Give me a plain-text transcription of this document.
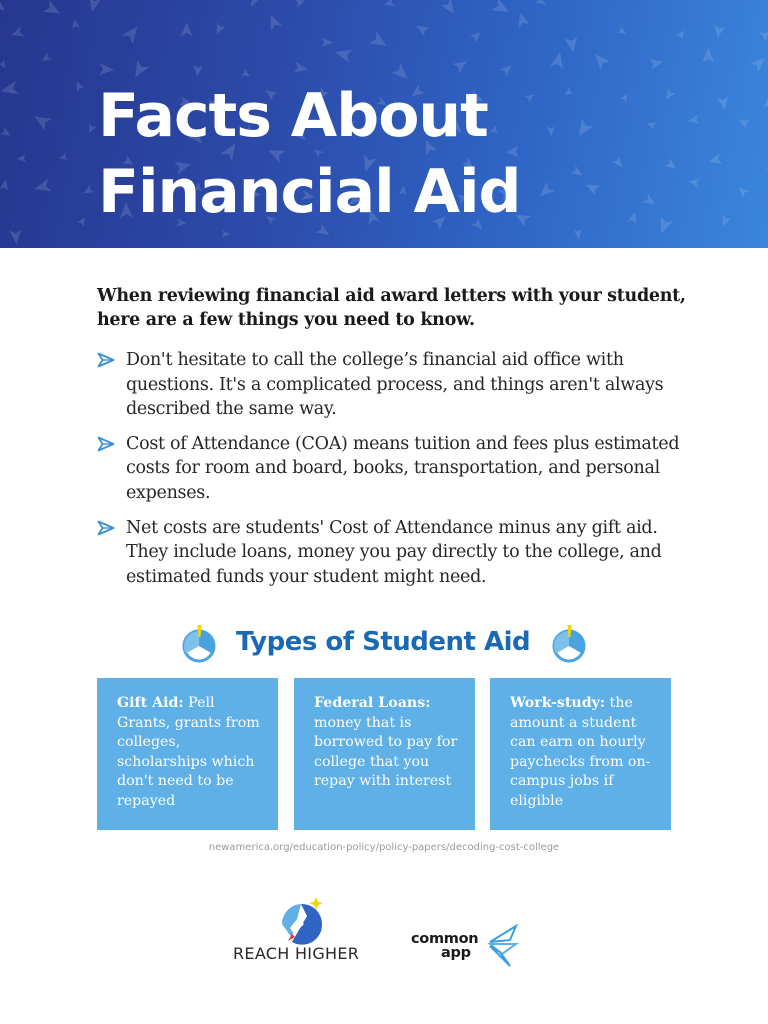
Facts About
Financial Aid

When reviewing financial aid award letters with your student, here are a few things you need to know.

Don't hesitate to call the college’s financial aid office with questions. It's a complicated process, and things aren't always described the same way.
Cost of Attendance (COA) means tuition and fees plus estimated costs for room and board, books, transportation, and personal expenses.
Net costs are students' Cost of Attendance minus any gift aid. They include loans, money you pay directly to the college, and estimated funds your student might need.
Types of Student Aid
Gift Aid: Pell Grants, grants from colleges, scholarships which don't need to be repayed
Federal Loans: money that is borrowed to pay for college that you repay with interest
Work-study: the amount a student can earn on hourly paychecks from on-campus jobs if eligible
newamerica.org/education-policy/policy-papers/decoding-cost-college
REACH HIGHER
common
app
